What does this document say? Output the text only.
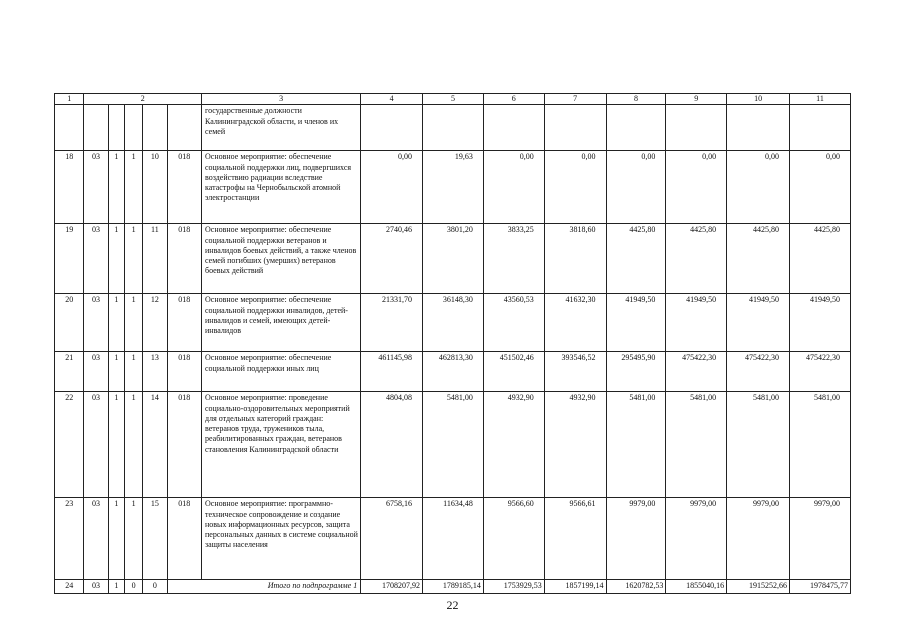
1	2					3	4	5	6	7	8	9	10	11
						государственные должности Калининградской области, и членов их семей								
18	03	1	1	10	018	Основное мероприятие: обеспечение социальной поддержки лиц, подвергшихся воздействию радиации вследствие катастрофы на Чернобыльской атомной электростанции	0,00	19,63	0,00	0,00	0,00	0,00	0,00	0,00
19	03	1	1	11	018	Основное мероприятие: обеспечение социальной поддержки ветеранов и инвалидов боевых действий, а также членов семей погибших (умерших) ветеранов боевых действий	2740,46	3801,20	3833,25	3818,60	4425,80	4425,80	4425,80	4425,80
20	03	1	1	12	018	Основное мероприятие: обеспечение социальной поддержки инвалидов, детей-инвалидов и семей, имеющих детей-инвалидов	21331,70	36148,30	43560,53	41632,30	41949,50	41949,50	41949,50	41949,50
21	03	1	1	13	018	Основное мероприятие: обеспечение социальной поддержки иных лиц	461145,98	462813,30	451502,46	393546,52	295495,90	475422,30	475422,30	475422,30
22	03	1	1	14	018	Основное мероприятие: проведение социально-оздоровительных мероприятий для отдельных категорий граждан: ветеранов труда, тружеников тыла, реабилитированных граждан, ветеранов становления Калининградской области	4804,08	5481,00	4932,90	4932,90	5481,00	5481,00	5481,00	5481,00
23	03	1	1	15	018	Основное мероприятие: программно-техническое сопровождение и создание новых информационных ресурсов, защита персональных данных в системе социальной защиты населения	6758,16	11634,48	9566,60	9566,61	9979,00	9979,00	9979,00	9979,00
24	03	1	0	0	Итого по подпрограмме 1		1708207,92	1789185,14	1753929,53	1857199,14	1620782,53	1855040,16	1915252,66	1978475,77
22
